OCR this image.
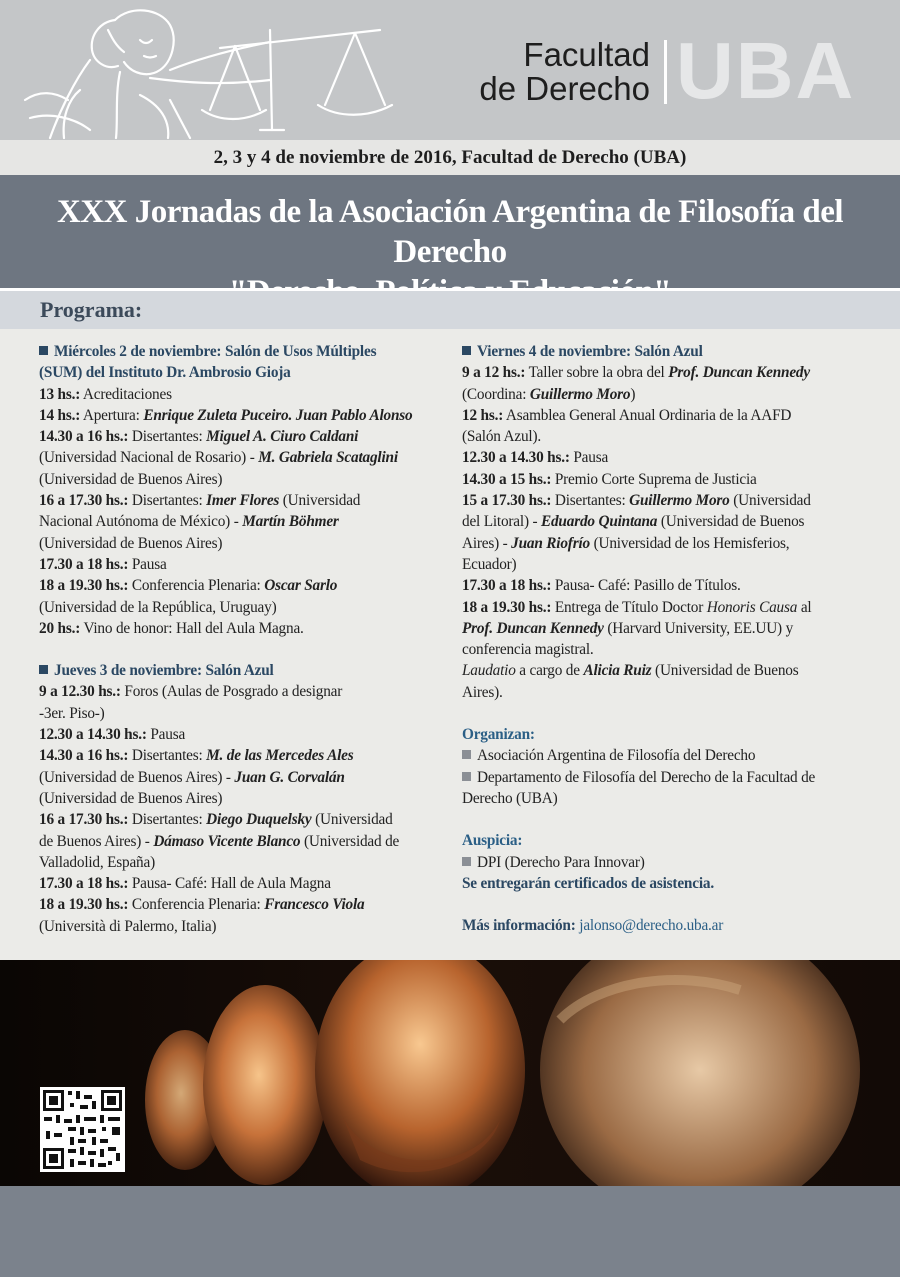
Facultad
de Derecho UBA
2, 3 y 4 de noviembre de 2016, Facultad de Derecho (UBA)
XXX Jornadas de la Asociación Argentina de Filosofía del Derecho
Programa:
Miércoles 2 de noviembre: Salón de Usos Múltiples
(SUM) del Instituto Dr. Ambrosio Gioja
13 hs.: Acreditaciones
14 hs.: Apertura: Enrique Zuleta Puceiro. Juan Pablo Alonso
14.30 a 16 hs.: Disertantes: Miguel A. Ciuro Caldani
(Universidad Nacional de Rosario) - M. Gabriela Scataglini
(Universidad de Buenos Aires)
16 a 17.30 hs.: Disertantes: Imer Flores (Universidad
Nacional Autónoma de México) - Martín Böhmer
(Universidad de Buenos Aires)
17.30 a 18 hs.: Pausa
18 a 19.30 hs.: Conferencia Plenaria: Oscar Sarlo
(Universidad de la República, Uruguay)
20 hs.: Vino de honor: Hall del Aula Magna.
Jueves 3 de noviembre: Salón Azul
9 a 12.30 hs.: Foros (Aulas de Posgrado a designar
-3er. Piso-)
12.30 a 14.30 hs.: Pausa
14.30 a 16 hs.: Disertantes: M. de las Mercedes Ales
(Universidad de Buenos Aires) - Juan G. Corvalán
(Universidad de Buenos Aires)
16 a 17.30 hs.: Disertantes: Diego Duquelsky (Universidad
de Buenos Aires) - Dámaso Vicente Blanco (Universidad de
Valladolid, España)
17.30 a 18 hs.: Pausa- Café: Hall de Aula Magna
18 a 19.30 hs.: Conferencia Plenaria: Francesco Viola
(Università di Palermo, Italia)
Viernes 4 de noviembre: Salón Azul
9 a 12 hs.: Taller sobre la obra del Prof. Duncan Kennedy
(Coordina: Guillermo Moro)
12 hs.: Asamblea General Anual Ordinaria de la AAFD
(Salón Azul).
12.30 a 14.30 hs.: Pausa
14.30 a 15 hs.: Premio Corte Suprema de Justicia
15 a 17.30 hs.: Disertantes: Guillermo Moro (Universidad
del Litoral) - Eduardo Quintana (Universidad de Buenos
Aires) - Juan Riofrío (Universidad de los Hemisferios,
Ecuador)
17.30 a 18 hs.: Pausa- Café: Pasillo de Títulos.
18 a 19.30 hs.: Entrega de Título Doctor Honoris Causa al
Prof. Duncan Kennedy (Harvard University, EE.UU) y
conferencia magistral.
Laudatio a cargo de Alicia Ruiz (Universidad de Buenos
Aires).
Organizan:
Asociación Argentina de Filosofía del Derecho
Departamento de Filosofía del Derecho de la Facultad de
Derecho (UBA)
Auspicia:
DPI (Derecho Para Innovar)
Se entregarán certificados de asistencia.
Más información: jalonso@derecho.uba.ar
